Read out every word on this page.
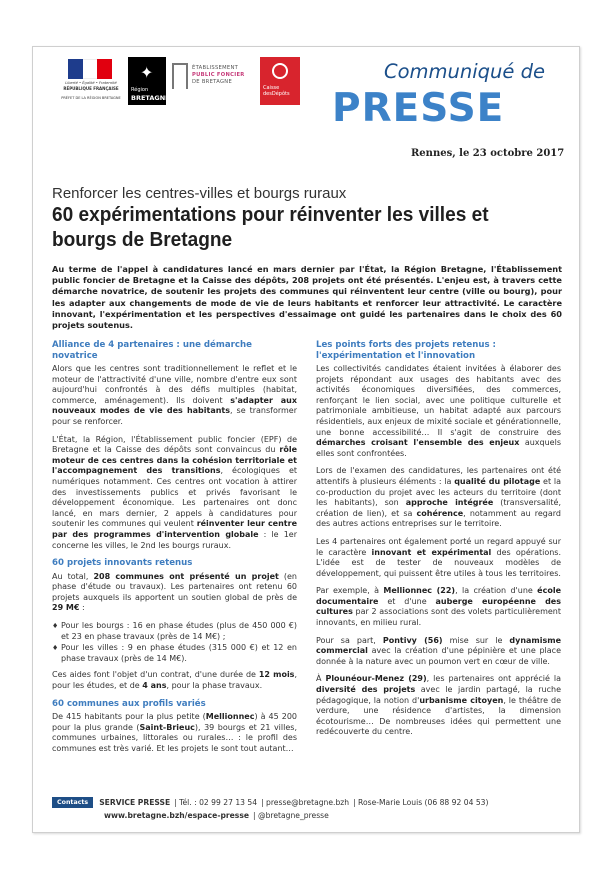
Liberté • Égalité • Fraternité
RÉPUBLIQUE FRANÇAISE
PRÉFET DE LA RÉGION BRETAGNE
✦
Région
BRETAGNE
ÉTABLISSEMENT
PUBLIC FONCIER
DE BRETAGNE
Caisse
desDépôts
Communiqué de
PRESSE
Rennes, le 23 octobre 2017
Renforcer les centres-villes et bourgs ruraux
60 expérimentations pour réinventer les villes et bourgs de Bretagne
Au terme de l'appel à candidatures lancé en mars dernier par l'État, la Région Bretagne, l'Établissement public foncier de Bretagne et la Caisse des dépôts, 208 projets ont été présentés. L'enjeu est, à travers cette démarche novatrice, de soutenir les projets des communes qui réinventent leur centre (ville ou bourg), pour les adapter aux changements de mode de vie de leurs habitants et renforcer leur attractivité. Le caractère innovant, l'expérimentation et les perspectives d'essaimage ont guidé les partenaires dans le choix des 60 projets soutenus.
Alliance de 4 partenaires : une démarche novatrice

Alors que les centres sont traditionnellement le reflet et le moteur de l'attractivité d'une ville, nombre d'entre eux sont aujourd'hui confrontés à des défis multiples (habitat, commerce, aménagement). Ils doivent s'adapter aux nouveaux modes de vie des habitants, se transformer pour se renforcer.

L'État, la Région, l'Établissement public foncier (EPF) de Bretagne et la Caisse des dépôts sont convaincus du rôle moteur de ces centres dans la cohésion territoriale et l'accompagnement des transitions, écologiques et numériques notamment. Ces centres ont vocation à attirer des investissements publics et privés favorisant le développement économique. Les partenaires ont donc lancé, en mars dernier, 2 appels à candidatures pour soutenir les communes qui veulent réinventer leur centre par des programmes d'intervention globale : le 1er concerne les villes, le 2nd les bourgs ruraux.

60 projets innovants retenus

Au total, 208 communes ont présenté un projet (en phase d'étude ou travaux). Les partenaires ont retenu 60 projets auxquels ils apportent un soutien global de près de 29 M€ :

♦ Pour les bourgs : 16 en phase études (plus de 450 000 €) et 23 en phase travaux (près de 14 M€) ;
♦ Pour les villes : 9 en phase études (315 000 €) et 12 en phase travaux (près de 14 M€).

Ces aides font l'objet d'un contrat, d'une durée de 12 mois, pour les études, et de 4 ans, pour la phase travaux.

60 communes aux profils variés

De 415 habitants pour la plus petite (Mellionnec) à 45 200 pour la plus grande (Saint-Brieuc), 39 bourgs et 21 villes, communes urbaines, littorales ou rurales… : le profil des communes est très varié. Et les projets le sont tout autant…

Les points forts des projets retenus : l'expérimentation et l'innovation

Les collectivités candidates étaient invitées à élaborer des projets répondant aux usages des habitants avec des activités économiques diversifiées, des commerces, renforçant le lien social, avec une politique culturelle et patrimoniale ambitieuse, un habitat adapté aux parcours résidentiels, aux enjeux de mixité sociale et générationnelle, une bonne accessibilité… Il s'agit de construire des démarches croisant l'ensemble des enjeux auxquels elles sont confrontées.

Lors de l'examen des candidatures, les partenaires ont été attentifs à plusieurs éléments : la qualité du pilotage et la co-production du projet avec les acteurs du territoire (dont les habitants), son approche intégrée (transversalité, création de lien), et sa cohérence, notamment au regard des autres actions entreprises sur le territoire.

Les 4 partenaires ont également porté un regard appuyé sur le caractère innovant et expérimental des opérations. L'idée est de tester de nouveaux modèles de développement, qui puissent être utiles à tous les territoires.

Par exemple, à Mellionnec (22), la création d'une école documentaire et d'une auberge européenne des cultures par 2 associations sont des volets particulièrement innovants, en milieu rural.

Pour sa part, Pontivy (56) mise sur le dynamisme commercial avec la création d'une pépinière et une place donnée à la nature avec un poumon vert en cœur de ville.

À Plounéour-Menez (29), les partenaires ont apprécié la diversité des projets avec le jardin partagé, la ruche pédagogique, la notion d'urbanisme citoyen, le théâtre de verdure, une résidence d'artistes, la dimension écotourisme… De nombreuses idées qui permettent une redécouverte du centre.

Contacts	SERVICE PRESSE | Tél. : 02 99 27 13 54 | presse@bretagne.bzh | Rose-Marie Louis (06 88 92 04 53)
www.bretagne.bzh/espace-presse | @bretagne_presse
